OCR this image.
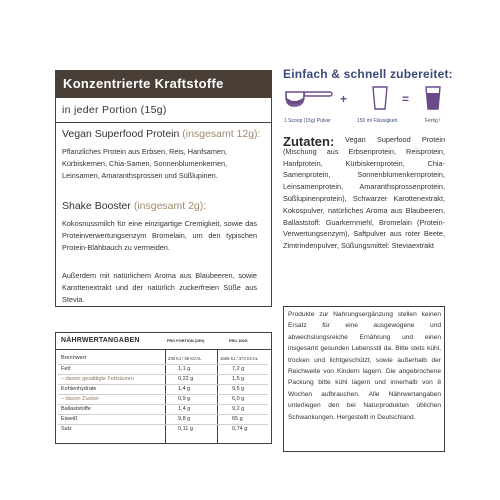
Konzentrierte Kraftstoffe
in jeder Portion (15g)
Vegan Superfood Protein (insgesamt 12g):
Pflanzliches Protein aus Erbsen, Reis, Hanfsamen, Kürbiskernen, Chia-Samen, Sonnenblumenkernen, Leinsamen, Amaranthsprossen und Süßlupinen.
Shake Booster (insgesamt 2g):
Kokosnussmilch für eine einzigartige Cremigkeit, sowie das Proteinverwertungsenzym Bromelain, um den typischen Protein-Blähbauch zu vermeiden.
Außerdem mit natürlichem Aroma aus Blaubeeren, sowie Karottenextrakt und der natürlich zuckerfreien Süße aus Stevia.
Einfach & schnell zubereitet:
+	=
1 Scoop (15g) Pulver	150 ml Flüssigkeit	Fertig !
Vegan Superfood Protein (Mischung aus Erbsenprotein, Reisprotein, Hanfprotein, Kürbiskernprotein, Chia-Samenprotein, Sonnenblumenkernprotein, Leinsamenprotein, Amaranthsprossenprotein, Süßlupinenprotein), Schwarzer Karottenextrakt, Kokospulver, natürliches Aroma aus Blaubeeren, Ballaststoff: Guarkernmehl, Bromelain (Protein-Verwertungsenzym), Saftpulver aus roter Beete, Zimtrindenpulver, Süßungsmittel: Steviaextrakt
Zutaten:
NÄHRWERTANGABEN	PRO PORTION (15G)	PRO 100G
Brennwert	235 KJ / 56 KCAL	1565 KJ / 374 KCAL
Fett	1,1 g	7,2 g
– davon gesättigte Fettsäuren	0,22 g	1,5 g
Kohlenhydrate	1,4 g	9,5 g
– davon Zucker	0,9 g	6,0 g
Ballaststoffe	1,4 g	9,2 g
Eiweiß	9,8 g	65 g
Salz	0,11 g	0,74 g
Produkte zur Nahrungsergänzung stellen keinen Ersatz für eine ausgewogene und abwechslungsreiche Ernährung und einen insgesamt gesunden Lebensstil da. Bitte stets kühl, trocken und lichtgeschützt, sowie außerhalb der Reichweite von Kindern lagern. Die angebrochene Packung bitte kühl lagern und innerhalb von 8 Wochen aufbrauchen. Alle Nährwertangaben unterliegen den bei Naturprodukten üblichen Schwankungen. Hergestellt in Deutschland.
